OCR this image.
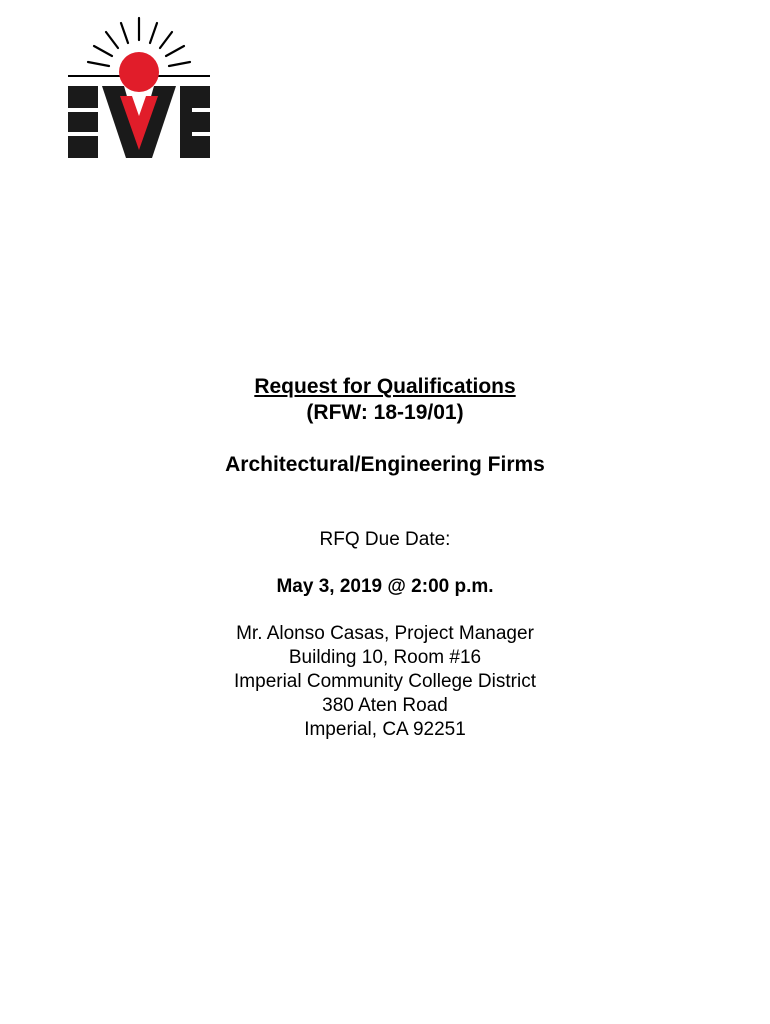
Request for Qualifications
(RFW: 18-19/01)
Architectural/Engineering Firms
RFQ Due Date:
May 3, 2019 @ 2:00 p.m.
Mr. Alonso Casas, Project Manager
Building 10, Room #16
Imperial Community College District
380 Aten Road
Imperial, CA 92251
